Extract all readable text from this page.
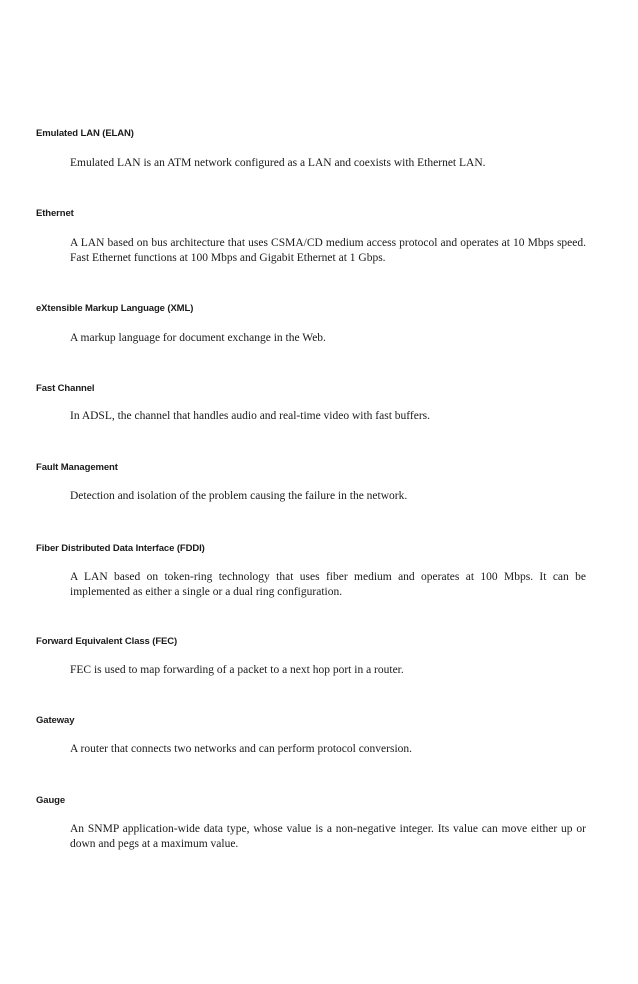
Emulated LAN (ELAN)

Emulated LAN is an ATM network configured as a LAN and coexists with Ethernet LAN.

Ethernet

A LAN based on bus architecture that uses CSMA/CD medium access protocol and operates at 10 Mbps speed. Fast Ethernet functions at 100 Mbps and Gigabit Ethernet at 1 Gbps.

eXtensible Markup Language (XML)

A markup language for document exchange in the Web.

Fast Channel

In ADSL, the channel that handles audio and real-time video with fast buffers.

Fault Management

Detection and isolation of the problem causing the failure in the network.

Fiber Distributed Data Interface (FDDI)

A LAN based on token-ring technology that uses fiber medium and operates at 100 Mbps. It can be implemented as either a single or a dual ring configuration.

Forward Equivalent Class (FEC)

FEC is used to map forwarding of a packet to a next hop port in a router.

Gateway

A router that connects two networks and can perform protocol conversion.

Gauge

An SNMP application-wide data type, whose value is a non-negative integer. Its value can move either up or down and pegs at a maximum value.
